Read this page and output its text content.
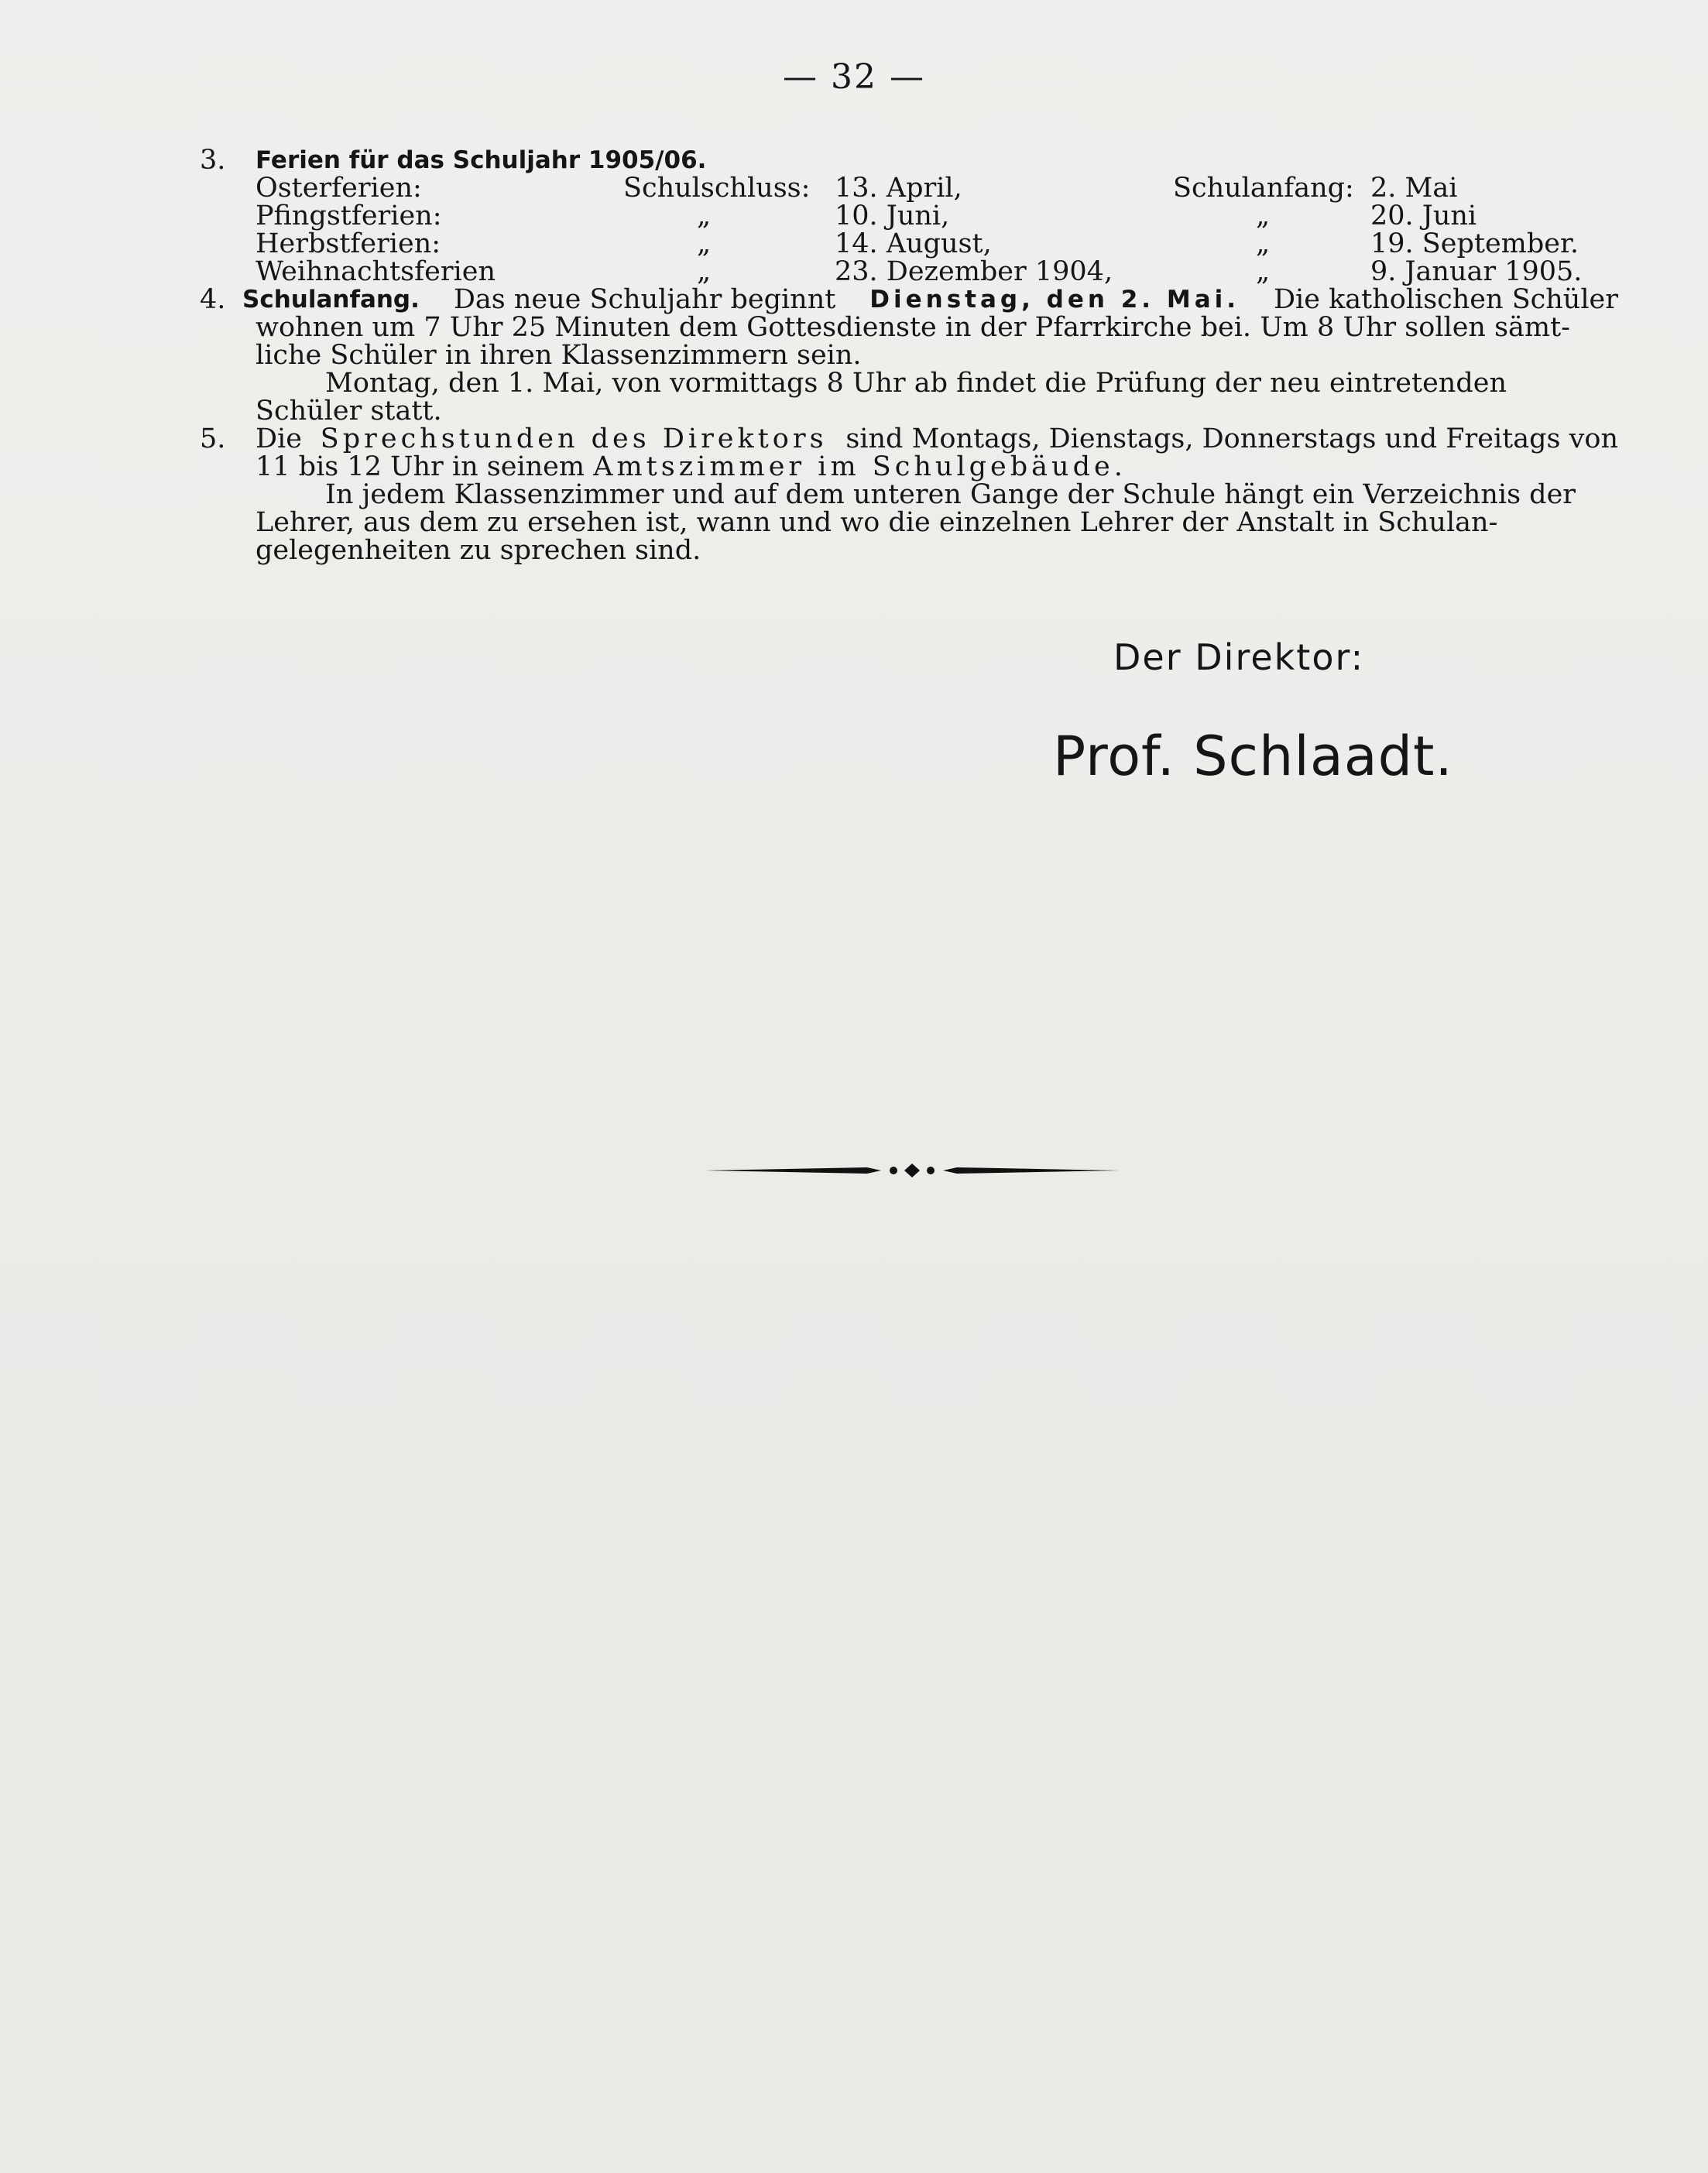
— 32 —
3. Ferien für das Schuljahr 1905/06.
Osterferien:	Schulschluss: 13. April,	Schulanfang: 2. Mai
Pfingstferien:	„	10. Juni,	„	20. Juni
Herbstferien:	„	14. August,	„	19. September.
Weihnachtsferien	„	23. Dezember 1904,	„	9. Januar 1905.
4. Schulanfang. Das neue Schuljahr beginnt Dienstag, den 2. Mai. Die katholischen Schüler
wohnen um 7 Uhr 25 Minuten dem Gottesdienste in der Pfarrkirche bei. Um 8 Uhr sollen sämt-
liche Schüler in ihren Klassenzimmern sein.
Montag, den 1. Mai, von vormittags 8 Uhr ab findet die Prüfung der neu eintretenden
Schüler statt.
5. Die Sprechstunden des Direktors sind Montags, Dienstags, Donnerstags und Freitags von
11 bis 12 Uhr in seinem Amtszimmer im Schulgebäude.
In jedem Klassenzimmer und auf dem unteren Gange der Schule hängt ein Verzeichnis der
Lehrer, aus dem zu ersehen ist, wann und wo die einzelnen Lehrer der Anstalt in Schulan-
gelegenheiten zu sprechen sind.
Der Direktor:
Prof. Schlaadt.
